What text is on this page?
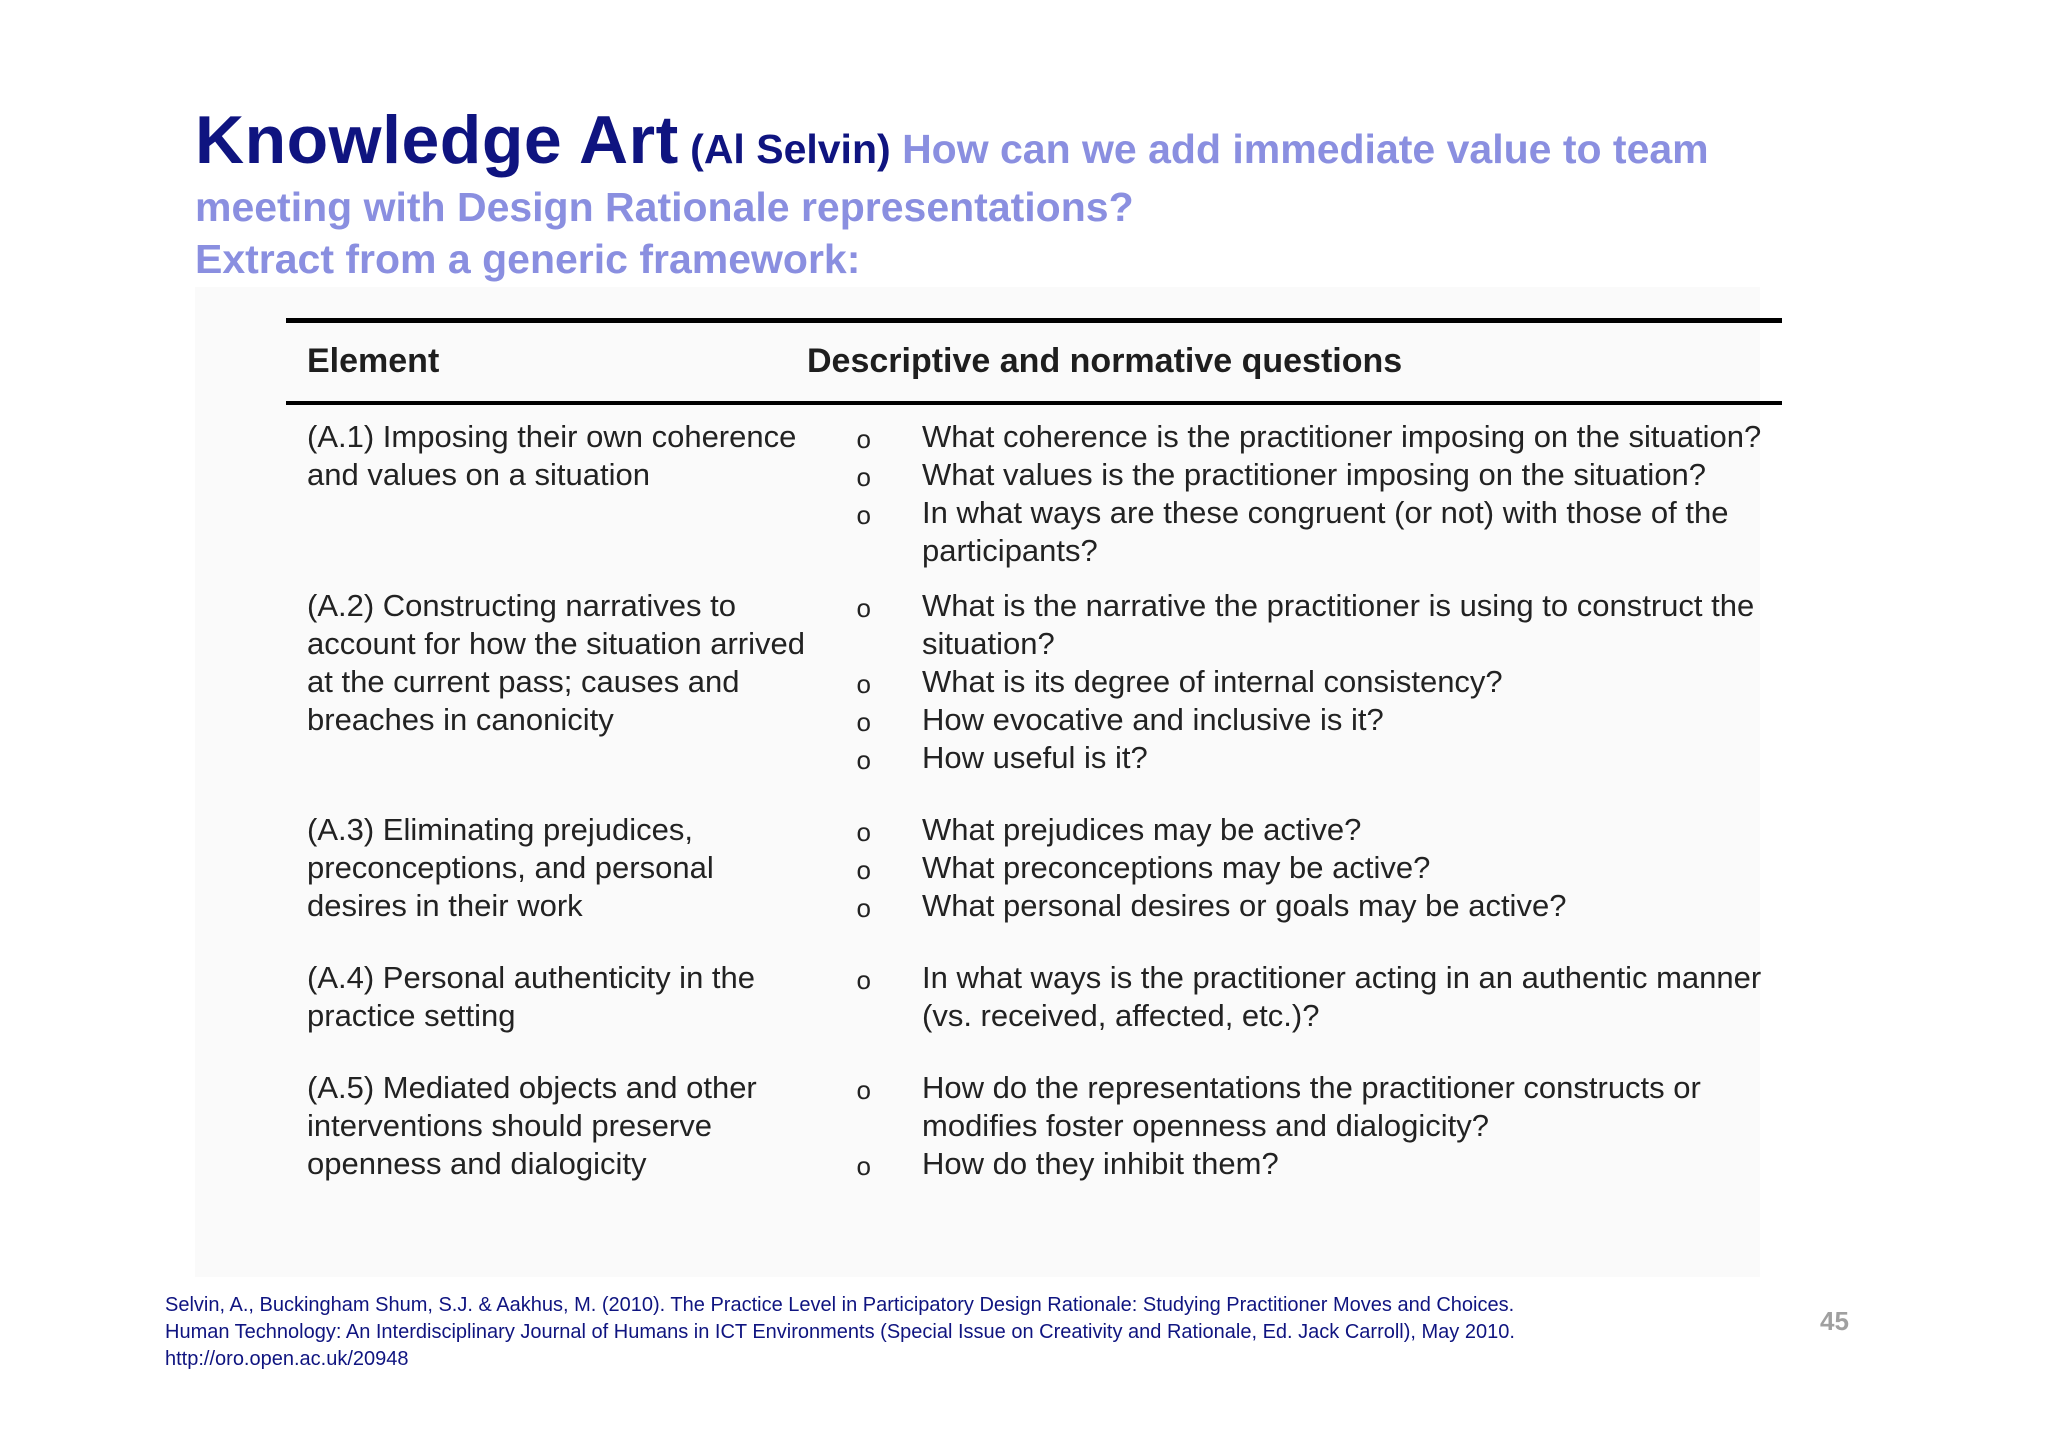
Knowledge Art (Al Selvin) How can we add immediate value to team
meeting with Design Rationale representations?
Extract from a generic framework:
Element	Descriptive and normative questions
(A.1) Imposing their own coherence and values on a situation
o What coherence is the practitioner imposing on the situation?
o What values is the practitioner imposing on the situation?
o In what ways are these congruent (or not) with those of the participants?
(A.2) Constructing narratives to account for how the situation arrived at the current pass; causes and breaches in canonicity
o What is the narrative the practitioner is using to construct the situation?
o What is its degree of internal consistency?
o How evocative and inclusive is it?
o How useful is it?
(A.3) Eliminating prejudices, preconceptions, and personal desires in their work
o What prejudices may be active?
o What preconceptions may be active?
o What personal desires or goals may be active?
(A.4) Personal authenticity in the practice setting
o In what ways is the practitioner acting in an authentic manner (vs. received, affected, etc.)?
(A.5) Mediated objects and other interventions should preserve openness and dialogicity
o How do the representations the practitioner constructs or modifies foster openness and dialogicity?
o How do they inhibit them?
Selvin, A., Buckingham Shum, S.J. & Aakhus, M. (2010). The Practice Level in Participatory Design Rationale: Studying Practitioner Moves and Choices.
Human Technology: An Interdisciplinary Journal of Humans in ICT Environments (Special Issue on Creativity and Rationale, Ed. Jack Carroll), May 2010.
http://oro.open.ac.uk/20948
45
